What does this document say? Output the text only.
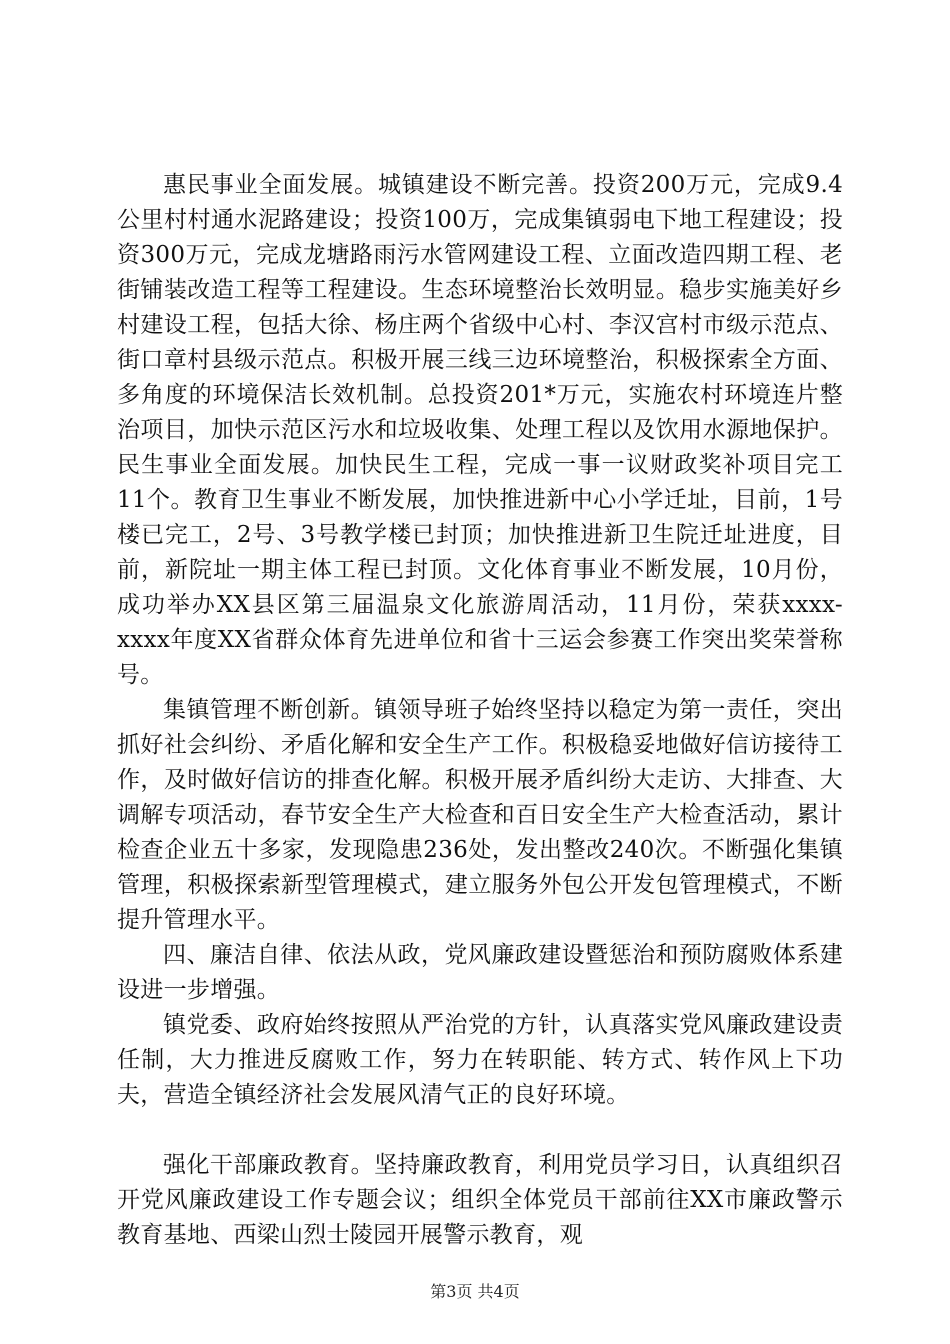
惠民事业全面发展。城镇建设不断完善。投资200万元，完成9.4公里村村通水泥路建设；投资100万，完成集镇弱电下地工程建设；投资300万元，完成龙塘路雨污水管网建设工程、立面改造四期工程、老街铺装改造工程等工程建设。生态环境整治长效明显。稳步实施美好乡村建设工程，包括大徐、杨庄两个省级中心村、李汉宫村市级示范点、街口章村县级示范点。积极开展三线三边环境整治，积极探索全方面、多角度的环境保洁长效机制。总投资201*万元，实施农村环境连片整治项目，加快示范区污水和垃圾收集、处理工程以及饮用水源地保护。民生事业全面发展。加快民生工程，完成一事一议财政奖补项目完工11个。教育卫生事业不断发展，加快推进新中心小学迁址，目前，1号楼已完工，2号、3号教学楼已封顶；加快推进新卫生院迁址进度，目前，新院址一期主体工程已封顶。文化体育事业不断发展，10月份，成功举办XX县区第三届温泉文化旅游周活动，11月份，荣获xxxx-xxxx年度XX省群众体育先进单位和省十三运会参赛工作突出奖荣誉称号。

集镇管理不断创新。镇领导班子始终坚持以稳定为第一责任，突出抓好社会纠纷、矛盾化解和安全生产工作。积极稳妥地做好信访接待工作，及时做好信访的排查化解。积极开展矛盾纠纷大走访、大排查、大调解专项活动，春节安全生产大检查和百日安全生产大检查活动，累计检查企业五十多家，发现隐患236处，发出整改240次。不断强化集镇管理，积极探索新型管理模式，建立服务外包公开发包管理模式，不断提升管理水平。

四、廉洁自律、依法从政，党风廉政建设暨惩治和预防腐败体系建设进一步增强。

镇党委、政府始终按照从严治党的方针，认真落实党风廉政建设责任制，大力推进反腐败工作，努力在转职能、转方式、转作风上下功夫，营造全镇经济社会发展风清气正的良好环境。

强化干部廉政教育。坚持廉政教育，利用党员学习日，认真组织召开党风廉政建设工作专题会议；组织全体党员干部前往XX市廉政警示教育基地、西梁山烈士陵园开展警示教育，观

第3页 共4页
